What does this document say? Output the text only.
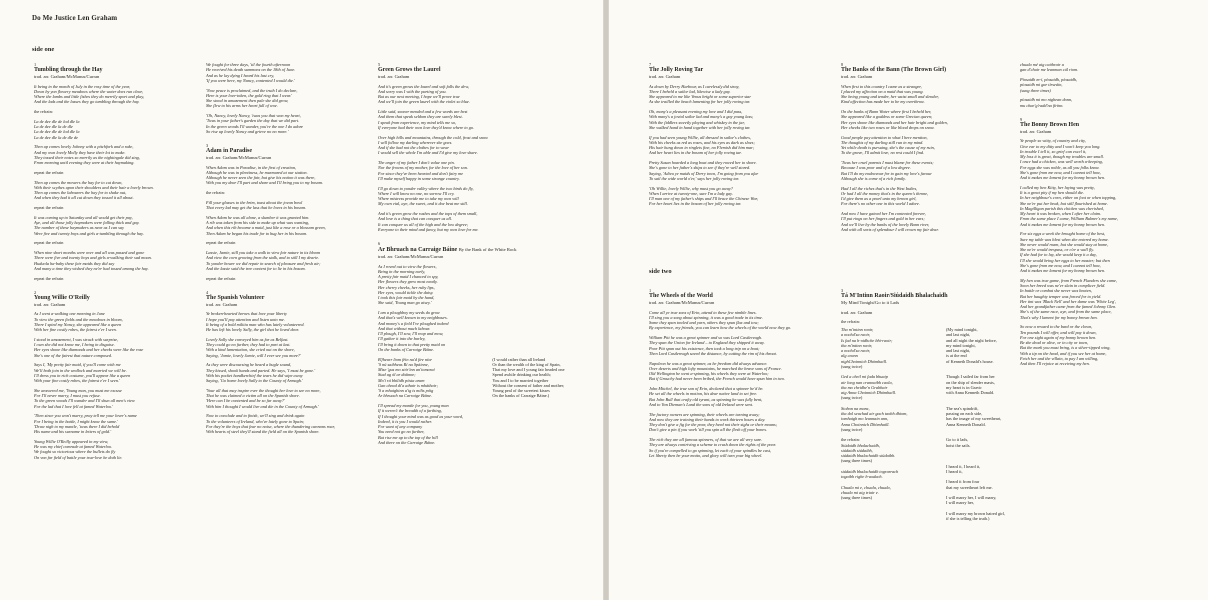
Do Me Justice Len Graham
side one
1
Tumbling through the Hay
trad. arr. Graham/McManus/Curran
It being in the month of July in the rosy time of the year,
Down by yon flowery meadows where the water does run clear,
Where the lambs and little fishes they do merrily sport and play,
And the lads and the lasses they go tumbling through the hay.
the refrain:
La de dee dle de lod dle la
La de dee dle la de dle
La de dee dle de lod dle la
La de dee dle la de dle de
Then up comes lovely Johnny with a pitchfork and a rake,
And my own lovely Molly they have their lot to make.
They tossed their notes so merrily as the nightingale did sing,
From morning until evening they were at their haymaking.
repeat the refrain
Then up comes the mowers the hay for to cut down,
With their scythes upon their shoulders and their hair a lovely brown.
Then up comes the labourers the hay for to shake out,
And when they had it all cut down they tossed it all about.
repeat the refrain
It was coming up to Saturday and all would get their pay,
Aye, and all those jolly haymakers were falling thick and gay.
The number of these haymakers as near as I can say
Were five and twenty boys and girls a-tumbling through the hay.
repeat the refrain
When nine short months were over and all was passed and gone
There were five and twenty boys and girls a-walking their sad moan.
Huduola ha-baby these fair maids they did say
And many a time they wished they ne'er had tossed among the hay.
repeat the refrain
2
Young Willie O'Reilly
trad. arr. Graham
As I went a-walking one morning in June
To view the green fields and the meadows in bloom,
There I spied my Nancy, she appeared like a queen
With her fine costly robes, the fairest e'er I seen.
I stood in amazement, I was struck with surprise,
I own she did not know me, I being in disguise.
Her eyes shone like diamonds and her cheeks were like the rose
She's one of the fairest that nature composed.
Says I, 'My pretty fair maid, if you'll come with me
We'll both join in the wedlock and married we will be.
I'll dress you in rich costume, you'll appear like a queen
With your fine costly robes, the fairest e'er I seen.'
She answered me, 'Young man, you must me excuse
For I'll never marry, I must you refuse.
To the green woods I'll wander and I'll shun all men's view
For the lad that I love fell at famed Waterloo.'
'Then since you won't marry, pray tell me your lover's name
For I being in the battle, I might know the same.'
'Draw nigh to my mantle, 'twas there I did behold
His name and his surname in letters of gold.'
Young Willie O'Reilly appeared in my view,
He was my chief comrade at famed Waterloo.
We fought so victorious where the bullets do fly
On von far field of battle your true-love he doth lie.
We fought for three days, 'til the fourth afternoon
He received his death summons on the 18th of June.
And as he lay dying I heard his last cry,
'If you were here, my Nancy, contented I would die.'
'Now peace is proclaimed, and the truth I do declare,
Here is your love-token, the gold ring that I wear.'
She stood in amazement then pale she did grow,
She flew to his arms her heart full of woe.
'Oh, Nancy, lovely Nancy, 'twas you that won my heart,
'Twas in your father's garden the day that we did part.
In the green woods I'll wander, you're the one I do adore
So rise up lovely Nancy and grieve no no more.'
3
Adam in Paradise
trad. arr. Graham/McManus/Curran
When Adam was in Paradise, in the first of creation,
Although he was in plentiness, he murmured at our station.
Although he never seen the fair, but give his notion it was there,
With you my dear I'll part and share and I'll bring you to my bosom.
the refrain:
Fill your glasses to the brim, toast about the jovan bowl
That every lad may get the lass that he loves in his bosom.
When Adam he was all alone, a slumber it was granted him.
A rib was taken from his side to make up what was wanting,
And when this rib became a maid, just like a rose or a blossom green,
Then Adam he began his trade for to hug her in his bosom.
repeat the refrain
Lassie, Jamie, still you take a walk to view fair nature in its bloom
And view the corn growing from the stalk, and to still I my dearie.
To yonder bower we did repair in search of pleasure and fresh air;
And the lassie said the tree content for to lie in his bosom.
repeat the refrain
4
The Spanish Volunteer
trad. arr. Graham
Ye broken-hearted heroes that love your liberty
I hope you'll pay attention and listen unto me.
It being of a bold militia man who has lately volunteered.
He has left his lovely Sally, the girl that he loved dear.
Lovely Sally she conveyed him as far as Belfast.
They could go no further, they had to part at last.
With a kind lamentation, she cried out on the shore,
Saying, 'Jamie, lovely Jamie, will I ever see you more?'
As they were discoursing he heard a bugle sound,
They kissed, shook hands and parted. He says, 'I must be gone.'
With his pocket handkerchief the tears he did wipe away
Saying, 'Go home lovely Sally to the County of Armagh.'
'Your all that may inspire ever the thought her love to see no more,
That he was claimed a victim all on the Spanish shore.
'Here can I be contented and be so far away?'
With him I thought I would live and die in the County of Armagh.'
Now to conclude and to finish, we'll sing and drink again
To the volunteers of Ireland, who've lately gone to Spain;
For they're the boys that fear no noise, where the thundering cannons roar,
With hearts of steel they'll stand the field all on the Spanish shore.
5
Green Grows the Laurel
trad. arr. Graham
And it's green grows the laurel and soft falls the dew,
And sorry was I with the parting of you.
But as our next meeting, I hope we'll prove true
And we'll join the green laurel with the violet so blue.
Little said, sooner mended and a few words are best
And them that speak seldom they are surely blest.
I speak from experience, my mind tells me so,
If everyone had their own love they'd know where to go.
Over high hills and mountains, through the cold, frost and snow
I will follow my darling wherever she goes.
And if she had not the clothes for to wear
I would sell the whole I'm able and I'd give my love share.
The anger of my father I don't value one pin.
Nor the frowns of my mother, for the love of her son.
For since they've been hearted and don't fairy me
I'll make myself happy in some strange country.
I'll go down to yonder valley where the two birds do fly,
Where I will know no one, no sorrow I'll cry.
Where mistress provide me to take my own will
My own vial, aye, the sweet, and it doe beat me still.
And it's green grow the rushes and the tops of them small,
And love is a thing that can conquer us all.
It can conquer us all of the high and the low degree;
Everyone to their mind and fancy, but my own love for me.
6
Ar Bhruach na Carraige Báine By the Bank of the White Rock
trad. arr. Graham/McManus/Curran
As I roved out to view the flowers,
Being in the morning early,
A pretty fair maid I chanced to spy,
Her flowers they grew most neatly.
Her cherry cheeks, her ruby lips,
Her eyes, would tickle the daisy.
I took this fair maid by the hand,
She said, 'Young man go aisey.'
I am a ploughboy my seeds do grow
And that's well known to my neighbours.
And money's a field I've ploughed indeed
And that without much labour.
I'll plough, I'll sow, I'll reap and mow,
I'll gather it into the barley,
I'll bring it down to that pretty maid on
On the banks of Carraige Báine.
B'fhearr liom féin na'd fire níor
'S nú saibheas Rí na Spáinne,
Mise 'gus mo stór'inn an'iomaraí
Siad ag ól ar dtáinne;
Mo'í rá bhilidh pósta aram
Gan chead dí'a athair is mháthair;
'S a mhuighinn a'ig is milis póig
Ar bhruach na Carraige Báine.
(I would rather than all Ireland
Or than the wealth of the king of Spain,
That my love and I young fair headed one
Spend awhile drinking our health;
You and I to be married together
Without the consent of father and mother;
Young peal of the sweetest kisses
On the banks of Carraige Báine.)
I'll spread my mantle for you, young man
If it weren't the breadth of a farthing,
If I thought your mind was as good as your word,
Indeed, it is you I would rather.
For want of any company
You need not go no further,
But rise me up to the top of the hill
And there on the Carraige Báine.
7
The Jolly Roving Tar
trad. arr. Graham
As down by Derry Harbour, as I carelessly did stray,
There I beheld a sailor lad, likewise a lady gay.
She appeared to me like Venus bright or some superior star
As she trailled the beach lamenting for her jolly roving tar.
Oh, many's a pleasant evening my love and I did pass,
With many's a jovial sailor lad and many's a gay young lass;
With the fiddlers sweetly playing and whiskey in the jar,
She walked hand in hand together with her jolly roving tar.
If you had seen young Willie, all dressed in sailor's clothes,
With his cheeks as red as roses, and his eyes as dark as sloes;
His hair hung down in ringlets fine, no Flemish did him mar;
And her heart lies in the bosom of her jolly roving tar.
Pretty Susan hoarded a long boat and they rowed her to shore.
She's gone to her father's ships to see if they're well stored.
Saying, 'Adieu ye maids of Derry town, I'm going from you afar
To sail the wide world o'er,' says her jolly roving tar.
'Oh Willie, lovely Willie, why must you go away?
When I arrive at twenty-one, sure I'm a lady gay.
I'll man one of my father's ships and I'll brace the Chinese War,
For her heart lies in the bosom of her jolly roving tar.
8
The Banks of the Bann (The Brown Girl)
trad. arr. Graham
When first to this country I came as a stranger,
I placed my affection on a maid that was young.
She being young and tender, her waist small and slender,
Kind affection has made her to be my overthrow.
On the banks of Bann Water where first I beheld her,
She appeared like a goddess or some Grecian queen;
Her eyes shone like diamonds and her hair bright and golden,
Her cheeks like two roses or like blood drops on snow.
Good people pay attention to what I here mention,
The thoughts of my darling still run in my mind.
Yet while death is pursuing, she's the cause of my ruin,
To the grave, I'll admit love, no rest could I find.
'Twas her cruel parents I must blame for these events;
Because I was poor and of a low degree.
But I'll do my endeavour for to gain my love's favour
Although she is come of a rich family.
Had I all the riches that's in the West Indies,
Or had I all the money that's in the queen's throne,
I'd give them as a pearl unto my brown girl,
For there's no other one in this world I adore.
And now I have gained her I'm contented forever,
I'll put rings on her fingers and gold in her ears;
And we'll live by the banks of the lovely Bann river,
And with all sorts of splendour I will crown my fair dear.
chuala mé aig caithrair a
gan d'chuir me leanman cúl riom.
Píosaidh m-í, píosaidh, píosaidh,
píosaidh mi gar tírseáin,
(sung three times)
píosaidh mi mo nighean donn,
mu chae'g'radd'na fírínn.
9
The Bonny Brown Hen
trad. arr. Graham
Ye people so witty, of country and city,
Give ear to my ditty and I won't keep you long.
In trouble I tell it, so grief can excel it,
My loss it is great, though my troubles are small.
I once had a chicken, was well worth a-keeping,
For eggs she was noble, as all you folks know.
She's gone from me now, and I cannot tell how,
And it makes me lament for my bonny brown hen.
I called my hen Kitty, her laying was pretty,
It is a great pity if my hen should die.
In her neighbour's corn, either on foot or when topping,
She ne'er put her beak, but still flourished at home.
In Magilligan parish this chicken was cherished,
My heart it was broken, when I after her claim.
From the same place I came, William Bulmer's my name,
And it makes me lament for my bonny brown hen.
For six eggs a week the brought home of the best,
Sure my table was blest when she entered my home.
She never would roam, but she would stay at home,
She ne'er would trespass, or o'er a wall fly.
If she had for to lay, she would keep it a day,
I'll she would bring her eggs to her master; but then
She's gone from me now, and I cannot tell how,
And it makes me lament for my bonny brown hen.
My hen was true game, from French Flanders she came,
Soon her breed was ne'er slain in complicer field.
In battle or combat she never was beaten,
But her haughty temper was forced for to yield.
Her tint was 'Black Nell' and her dame was 'White Leg',
And her grandfather came from the famed Johnny Glen.
She's of the same race, aye, and from the same place,
That's why I lament for my bonny brown hen.
So now a reward to the bard or the clown,
Ten pounds I will offer, and will pay it down,
For one sight again of my bonny brown hen.
Be she dead or alive, or in city or town,
But the mark you must bring, is a silver-tipped wing,
With a tip on the head, and if you see her at home,
Fetch her and the villain, to pay I am willing,
And then I'll rejoice at receiving my hen.
side two
1
The Wheels of the World
trad. arr. Graham/McManus/Curran
Come all ye true sons of Erin, attend to these few nimble lines.
I'll sing you a song about spinning, it was a good trade in its time.
Some they span towled and yarn, others they spun flax and tow;
By experience, my friends, you can learn how the wheels of the world now they go.
William Pitt he was a great spinner and so was Lord Castlereagh.
They span the Union for Ireland – to England they shipped it away.
Poor Pitt span out his existence, then took a long trip on a boat;
Then Lord Castlereagh saved the distance, by cutting the rim of his throat.
Napoleon he was a great spinner, as he freedom did always advance.
Over deserts and high lofty mountains, he marched the brave sons of France.
Old Wellington he went a-spinning, his wheels they were at Waterloo;
But if Grouchy had never been bribed, the French would have spun him in two.
John Mitchel, the true son of Erin, declared that a spinner he'd be.
He set all the wheels in motion, his dear native land to set free.
But John Bull that crafty old tyrant, as spinning he was fully bent,
And to Van Dieman's Land the sons of old Ireland were sent.
The factory owners are spinning, their wheels are turning away;
And now they are training their hands to work thirteen hours a day.
They don't give a fig for the poor, they heed not their sighs or their moans;
Don't give a pin if you work 'till you spin all the flesh off your bones.
The rich they are all famous spinners, of that we are all very sure.
They are always contriving a scheme to crush down the rights of the poor.
So if you're compelled to go spinning, let each of your spindles be cast,
Let liberty then be your motto, and glory will turn your big wheel.
3
Tá M'Intinn Raoir/Siúdaidh Bhalachaidh
My Mind Tonight/Go to it Lads
trad. arr. Graham
the refrain:
Tha m'intinn raoir,
a nochd'sa raoir,
Is fad na h-oidhche bhi-raoir;
tha m'intinn raoir,
a nochd'sa raoir,
alg ceann
nighChoinnich Dhòmhaill.
(sung twice)

Ged a cheil mi fada bhuaip
air long nan crannaibh caola,
tha mo chridhe'n Grabhair
aig Anna Choinnich Dhòmhaill.
(sung twice)

Siobon na mara,
tha dol seachad air gach taobh dhiom,
iomhaigh mo leannain ann,
Anna Choinnich Dhòmhaill.
(sung twice)

the refrain:
Siúdaidh bhalachaidh,
siúdaidh siúdaibh,
siúdaidh bhalachaidh siúdaibh.
(sung three times)

siúdaidh bhalachaidh tograrrach
togaibh righe h-aodach.

Chuala mi e, chuala, chuala,
chuala mi aig triair e.
(sung three times)
(My mind tonight,
and last night,
and all night the night before,
my mind tonight,
and last night,
is at the end
of Kenneth Donald's house.

Though I sailed far from her
on the ship of slender masts,
my heart is in Gravir
with Anna Kenneth Donald.

The sea's spindrift,
passing on each side,
has the image of my sweetheart,
Anna Kenneth Donald.

Go to it lads,
hoist the sails.

I heard it, I heard it,
I heard it,

I heard it from four
that my sweetheart left me.

I will marry her, I will marry,
I will marry her,

I will marry my brown haired girl,
if she is telling the truth.)
